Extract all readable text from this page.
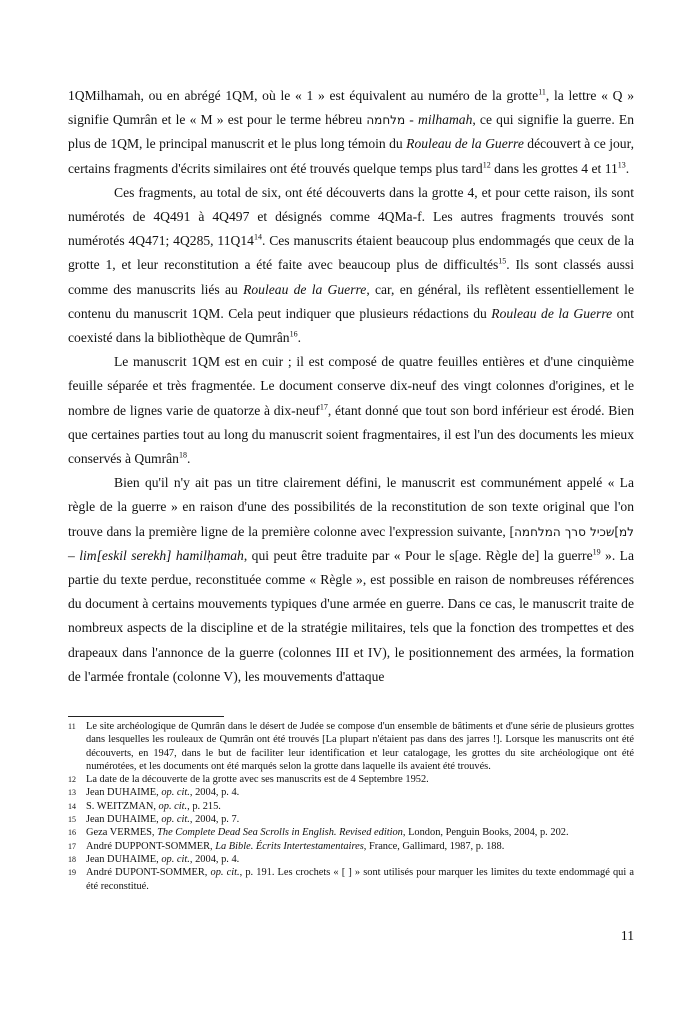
1QMilhamah, ou en abrégé 1QM, où le « 1 » est équivalent au numéro de la grotte$^{11}$, la lettre « Q » signifie Qumrân et le « M » est pour le terme hébreu מלחמה - milhamah, ce qui signifie la guerre. En plus de 1QM, le principal manuscrit et le plus long témoin du Rouleau de la Guerre découvert à ce jour, certains fragments d'écrits similaires ont été trouvés quelque temps plus tard$^{12}$ dans les grottes 4 et $11^{13}$.

Ces fragments, au total de six, ont été découverts dans la grotte 4, et pour cette raison, ils sont numérotés de 4Q491 à 4Q497 et désignés comme 4QMa-f. Les autres fragments trouvés sont numérotés 4Q471; 4Q285, $11Q14^{14}$. Ces manuscrits étaient beaucoup plus endommagés que ceux de la grotte 1, et leur reconstitution a été faite avec beaucoup plus de difficultés$^{15}$. Ils sont classés aussi comme des manuscrits liés au Rouleau de la Guerre, car, en général, ils reflètent essentiellement le contenu du manuscrit 1QM. Cela peut indiquer que plusieurs rédactions du Rouleau de la Guerre ont coexisté dans la bibliothèque de Qumrân$^{16}$.

Le manuscrit 1QM est en cuir ; il est composé de quatre feuilles entières et d'une cinquième feuille séparée et très fragmentée. Le document conserve dix-neuf des vingt colonnes d'origines, et le nombre de lignes varie de quatorze à dix-neuf$^{17}$, étant donné que tout son bord inférieur est érodé. Bien que certaines parties tout au long du manuscrit soient fragmentaires, il est l'un des documents les mieux conservés à Qumrân$^{18}$.

Bien qu'il n'y ait pas un titre clairement défini, le manuscrit est communément appelé « La règle de la guerre » en raison d'une des possibilités de la reconstitution de son texte original que l'on trouve dans la première ligne de la première colonne avec l'expression suivante, [למ]שכיל סרך המלחמה – lim[eskil serekh] hamilḥamah, qui peut être traduite par « Pour le s[age. Règle de] la guerre$^{19}$ ». La partie du texte perdue, reconstituée comme « Règle », est possible en raison de nombreuses références du document à certains mouvements typiques d'une armée en guerre. Dans ce cas, le manuscrit traite de nombreux aspects de la discipline et de la stratégie militaires, tels que la fonction des trompettes et des drapeaux dans l'annonce de la guerre (colonnes III et IV), le positionnement des armées, la formation de l'armée frontale (colonne V), les mouvements d'attaque

11 Le site archéologique de Qumrân dans le désert de Judée se compose d'un ensemble de bâtiments et d'une série de plusieurs grottes dans lesquelles les rouleaux de Qumrân ont été trouvés [La plupart n'étaient pas dans des jarres !]. Lorsque les manuscrits ont été découverts, en 1947, dans le but de faciliter leur identification et leur catalogage, les grottes du site archéologique ont été numérotées, et les documents ont été marqués selon la grotte dans laquelle ils avaient été trouvés.
12 La date de la découverte de la grotte avec ses manuscrits est de 4 Septembre 1952.
13 Jean DUHAIME, op. cit., 2004, p. 4.
14 S. WEITZMAN, op. cit., p. 215.
15 Jean DUHAIME, op. cit., 2004, p. 7.
16 Geza VERMES, The Complete Dead Sea Scrolls in English. Revised edition, London, Penguin Books, 2004, p. 202.
17 André DUPPONT-SOMMER, La Bible. Écrits Intertestamentaires, France, Gallimard, 1987, p. 188.
18 Jean DUHAIME, op. cit., 2004, p. 4.
19 André DUPONT-SOMMER, op. cit., p. 191. Les crochets « [ ] » sont utilisés pour marquer les limites du texte endommagé qui a été reconstitué.
11
